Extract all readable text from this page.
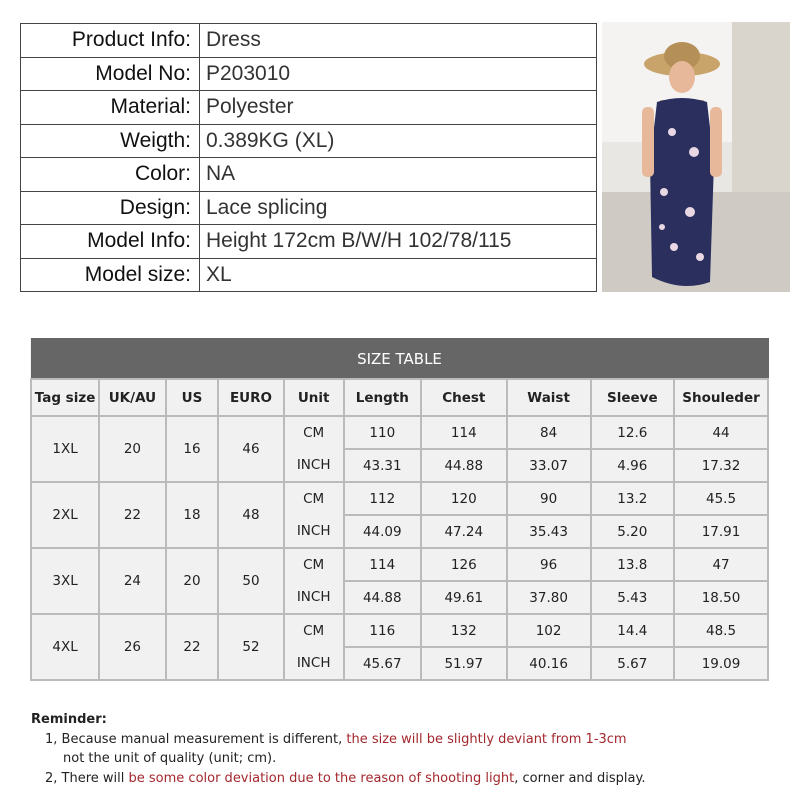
Product Info:	Dress
Model No:	P203010
Material:	Polyester
Weigth:	0.389KG (XL)
Color:	NA
Design:	Lace splicing
Model Info:	Height 172cm B/W/H 102/78/115
Model size:	XL
SIZE TABLE									
Tag size	UK/AU	US	EURO	Unit	Length	Chest	Waist	Sleeve	Shouleder
1XL	20	16	46	CM	110	114	84	12.6	44
				INCH	43.31	44.88	33.07	4.96	17.32
2XL	22	18	48	CM	112	120	90	13.2	45.5
				INCH	44.09	47.24	35.43	5.20	17.91
3XL	24	20	50	CM	114	126	96	13.8	47
				INCH	44.88	49.61	37.80	5.43	18.50
4XL	26	22	52	CM	116	132	102	14.4	48.5
				INCH	45.67	51.97	40.16	5.67	19.09
Reminder:
1, Because manual measurement is different, the size will be slightly deviant from 1-3cm
not the unit of quality (unit; cm).
2, There will be some color deviation due to the reason of shooting light, corner and display.
